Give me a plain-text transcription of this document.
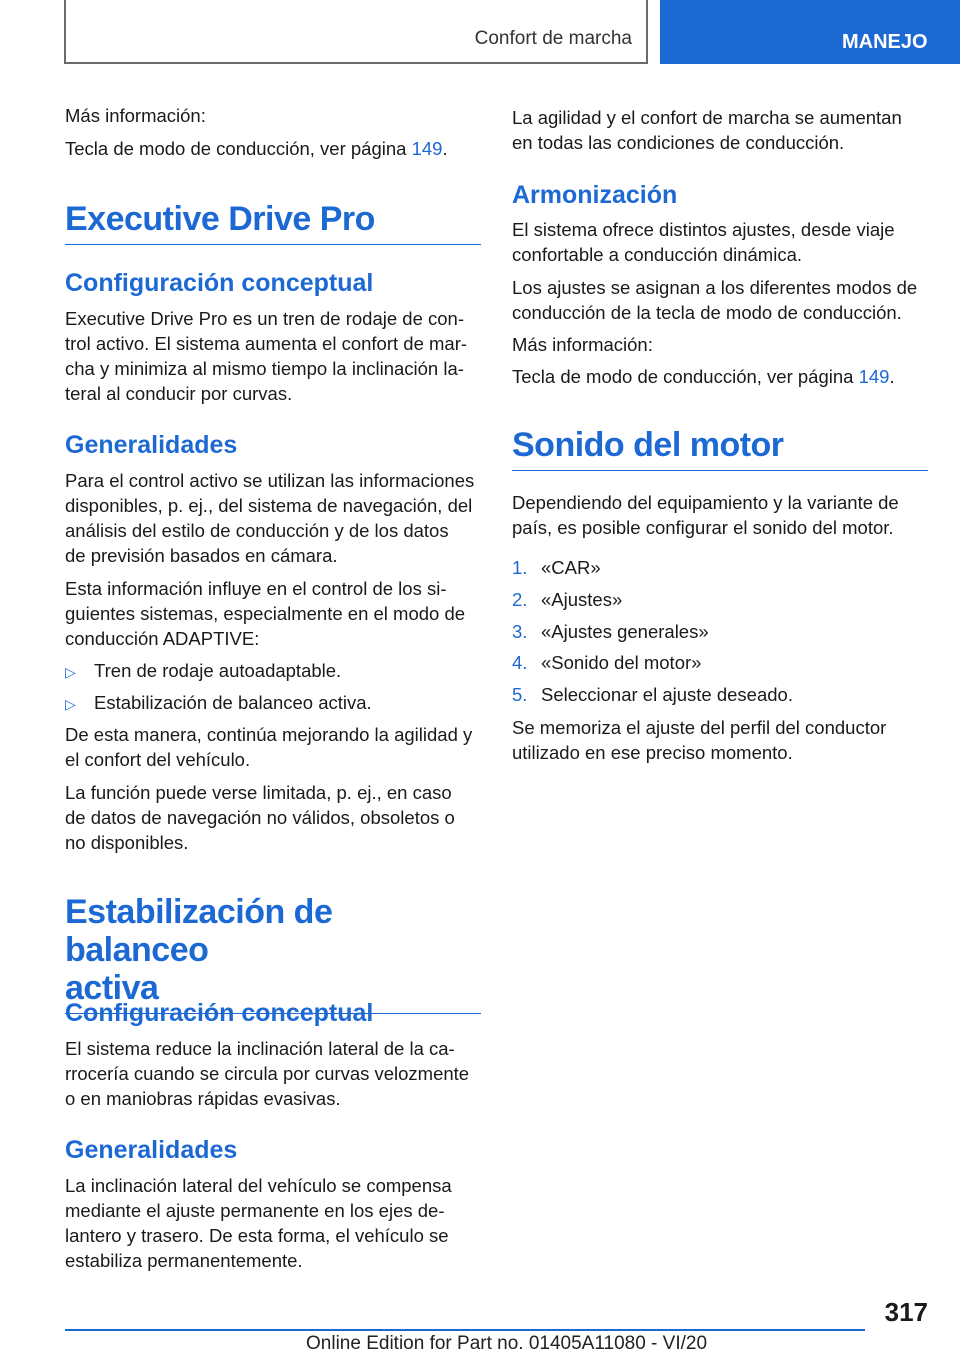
Confort de marcha	MANEJO
Más información:
Tecla de modo de conducción, ver página 149.
Executive Drive Pro
Configuración conceptual
Executive Drive Pro es un tren de rodaje de con-
trol activo. El sistema aumenta el confort de mar-
cha y minimiza al mismo tiempo la inclinación la-
teral al conducir por curvas.
Generalidades
Para el control activo se utilizan las informaciones
disponibles, p. ej., del sistema de navegación, del
análisis del estilo de conducción y de los datos
de previsión basados en cámara.
Esta información influye en el control de los si-
guientes sistemas, especialmente en el modo de
conducción ADAPTIVE:
▷ Tren de rodaje autoadaptable.
▷ Estabilización de balanceo activa.
De esta manera, continúa mejorando la agilidad y
el confort del vehículo.
La función puede verse limitada, p. ej., en caso
de datos de navegación no válidos, obsoletos o
no disponibles.
Estabilización de balanceo
activa
Configuración conceptual
El sistema reduce la inclinación lateral de la ca-
rrocería cuando se circula por curvas velozmente
o en maniobras rápidas evasivas.
Generalidades
La inclinación lateral del vehículo se compensa
mediante el ajuste permanente en los ejes de-
lantero y trasero. De esta forma, el vehículo se
estabiliza permanentemente.
La agilidad y el confort de marcha se aumentan
en todas las condiciones de conducción.
Armonización
El sistema ofrece distintos ajustes, desde viaje
confortable a conducción dinámica.
Los ajustes se asignan a los diferentes modos de
conducción de la tecla de modo de conducción.
Más información:
Tecla de modo de conducción, ver página 149.
Sonido del motor
Dependiendo del equipamiento y la variante de
país, es posible configurar el sonido del motor.
1. «CAR»
2. «Ajustes»
3. «Ajustes generales»
4. «Sonido del motor»
5. Seleccionar el ajuste deseado.
Se memoriza el ajuste del perfil del conductor
utilizado en ese preciso momento.
317
Online Edition for Part no. 01405A11080 - VI/20
